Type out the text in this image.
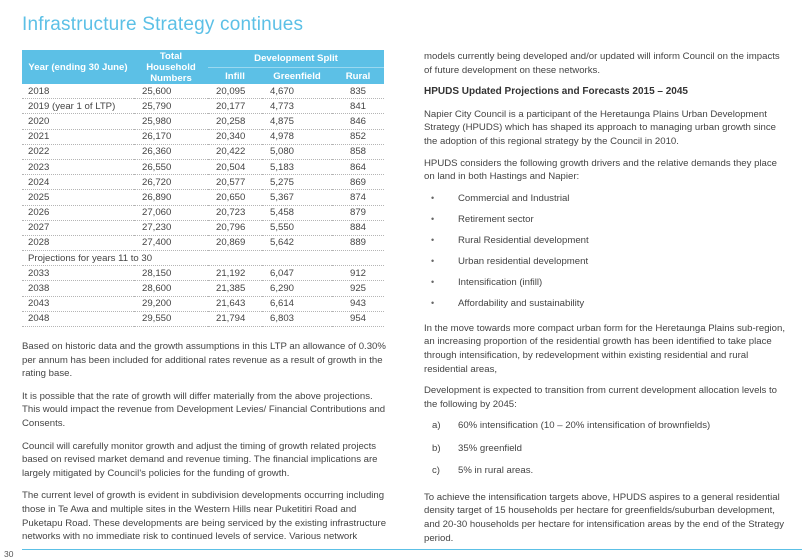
Infrastructure Strategy continues
Year (ending 30 June)	Total Household Numbers	Development Split		
		Infill	Greenfield	Rural
2018	25,600	20,095	4,670	835
2019 (year 1 of LTP)	25,790	20,177	4,773	841
2020	25,980	20,258	4,875	846
2021	26,170	20,340	4,978	852
2022	26,360	20,422	5,080	858
2023	26,550	20,504	5,183	864
2024	26,720	20,577	5,275	869
2025	26,890	20,650	5,367	874
2026	27,060	20,723	5,458	879
2027	27,230	20,796	5,550	884
2028	27,400	20,869	5,642	889
Projections for years 11 to 30				
2033	28,150	21,192	6,047	912
2038	28,600	21,385	6,290	925
2043	29,200	21,643	6,614	943
2048	29,550	21,794	6,803	954

Based on historic data and the growth assumptions in this LTP an allowance of 0.30% per annum has been included for additional rates revenue as a result of growth in the rating base.

It is possible that the rate of growth will differ materially from the above projections. This would impact the revenue from Development Levies/ Financial Contributions and Consents.

Council will carefully monitor growth and adjust the timing of growth related projects based on revised market demand and revenue timing. The financial implications are largely mitigated by Council's policies for the funding of growth.

The current level of growth is evident in subdivision developments occurring including those in Te Awa and multiple sites in the Western Hills near Puketitiri Road and Puketapu Road. These developments are being serviced by the existing infrastructure networks with no immediate risk to continued levels of service. Various network

models currently being developed and/or updated will inform Council on the impacts of future development on these networks.

HPUDS Updated Projections and Forecasts 2015 – 2045

Napier City Council is a participant of the Heretaunga Plains Urban Development Strategy (HPUDS) which has shaped its approach to managing urban growth since the adoption of this regional strategy by the Council in 2010.

HPUDS considers the following growth drivers and the relative demands they place on land in both Hastings and Napier:

• Commercial and Industrial
• Retirement sector
• Rural Residential development
• Urban residential development
• Intensification (infill)
• Affordability and sustainability

In the move towards more compact urban form for the Heretaunga Plains sub-region, an increasing proportion of the residential growth has been identified to take place through intensification, by redevelopment within existing residential and rural residential areas,

Development is expected to transition from current development allocation levels to the following by 2045:

a) 60% intensification (10 – 20% intensification of brownfields)
b) 35% greenfield
c) 5% in rural areas.

To achieve the intensification targets above, HPUDS aspires to a general residential density target of 15 households per hectare for greenfields/suburban development, and 20-30 households per hectare for intensification areas by the end of the Strategy period.

30
